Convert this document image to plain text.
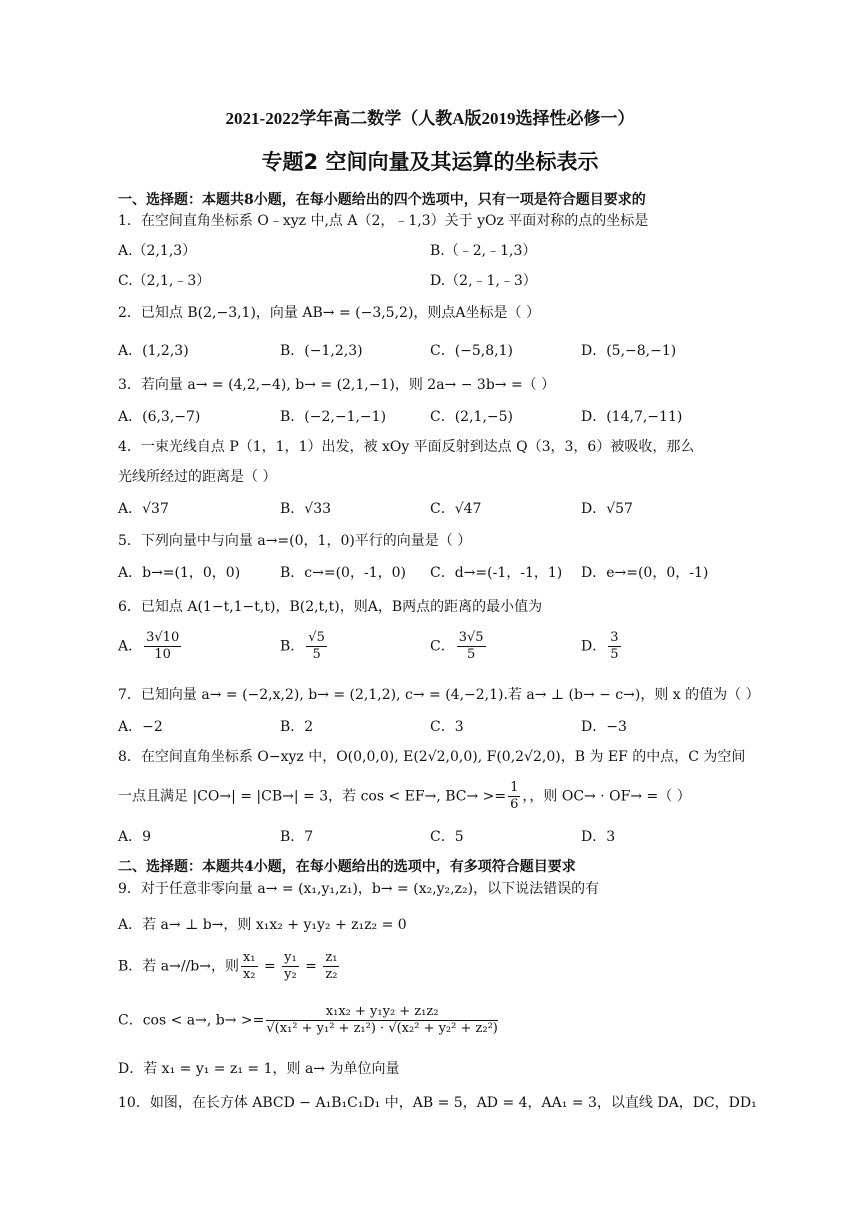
2021-2022学年高二数学（人教A版2019选择性必修一）
专题2 空间向量及其运算的坐标表示
一、选择题：本题共8小题，在每小题给出的四个选项中，只有一项是符合题目要求的
1．在空间直角坐标系 O﹣xyz 中,点 A（2，﹣1,3）关于 yOz 平面对称的点的坐标是
A.（2,1,3）	B.（﹣2,﹣1,3）
C.（2,1,﹣3）	D.（2,﹣1,﹣3）
2．已知点 B(2,−3,1)，向量 AB→ = (−3,5,2)，则点A坐标是（ ）
A．(1,2,3)	B．(−1,2,3)	C．(−5,8,1)	D．(5,−8,−1)
3．若向量 a→ = (4,2,−4), b→ = (2,1,−1)，则 2a→ − 3b→ =（ ）
A．(6,3,−7)	B．(−2,−1,−1)	C．(2,1,−5)	D．(14,7,−11)
4．一束光线自点 P（1，1，1）出发，被 xOy 平面反射到达点 Q（3，3，6）被吸收，那么
光线所经过的距离是（ ）
A．√37	B．√33	C．√47	D．√57
5．下列向量中与向量 a→=(0，1，0)平行的向量是（ ）
A．b→=(1，0，0)	B．c→=(0，-1，0) C．d→=(-1，-1，1) D．e→=(0，0，-1)
6．已知点 A(1−t,1−t,t)，B(2,t,t)，则A，B两点的距离的最小值为
A． $\frac{3√10}{10}$	B． $\frac{√5}{5}$	C． $\frac{3√5}{5}$	D． $\frac{3}{5}$
7．已知向量 a→ = (−2,x,2), b→ = (2,1,2), c→ = (4,−2,1).若 a→ ⊥ (b→ − c→)，则 x 的值为（ ）
A．−2	B．2	C．3	D．−3
8．在空间直角坐标系 O−xyz 中，O(0,0,0), E(2√2,0,0), F(0,2√2,0)，B 为 EF 的中点，C 为空间
一点且满足 |CO→| = |CB→| = 3，若 cos < EF→, $BC\to >= \frac{1}{6}$ ，，则 OC→ · OF→ =（ ）
A．9	B．7	C．5	D．3
二、选择题：本题共4小题，在每小题给出的选项中，有多项符合题目要求
9．对于任意非零向量 a→ = (x₁,y₁,z₁)，b→ = (x₂,y₂,z₂)，以下说法错误的有
A．若 a→ ⊥ b→，则 x₁x₂ + y₁y₂ + z₁z₂ = 0
B．若 a→//b→，则 $\frac{\text{x₁}}{\text{x₂}} = \frac{\text{y₁}}{\text{y₂}} = \frac{\text{z₁}}{\text{z₂}}$
C．cos < a→, $b\to >= \frac{\text{x₁x₂ + y₁y₂ + z₁z₂}}{\text{√(x₁² + y₁² + z₁²) · √(x₂² + y₂² + z₂²)}}$
D．若 x₁ = y₁ = z₁ = 1，则 a→ 为单位向量
10．如图，在长方体 ABCD − A₁B₁C₁D₁ 中，AB = 5，AD = 4，AA₁ = 3，以直线 DA，DC，DD₁
